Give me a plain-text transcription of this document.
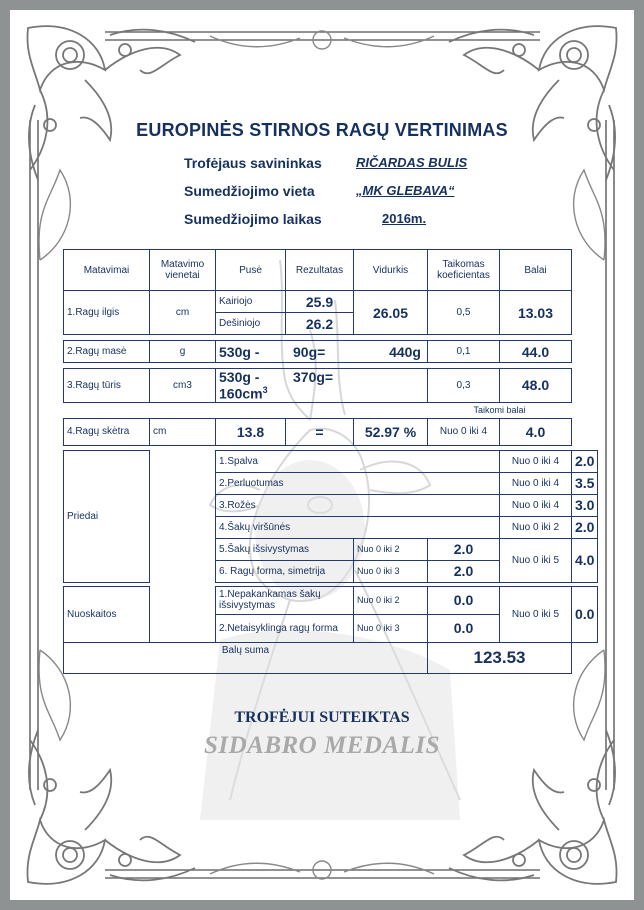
EUROPINĖS STIRNOS RAGŲ VERTINIMAS
Trofėjaus savininkas	RIČARDAS BULIS
Sumedžiojimo vieta	„MK GLEBAVA“
Sumedžiojimo laikas	2016m.
Matavimai	Matavimo vienetai	Pusė	Rezultatas	Vidurkis	Taikomas koeficientas	Balai	
1.Ragų ilgis	cm	Kairiojo	25.9	26.05	0,5	13.03	
		Dešiniojo	26.2				

2.Ragų masė	g	530g - 90g= 440g			0,1	44.0	

3.Ragų tūris	cm3	$530g - 370g=160cm^3$			0,3	48.0	
					Taikomi balai		
4.Ragų skėtra	cm	13.8	=	52.97 %	Nuo 0 iki 4	4.0	

Priedai		1.Spalva				Nuo 0 iki 4	2.0
		2.Perluotumas				Nuo 0 iki 4	3.5
		3.Rožės				Nuo 0 iki 4	3.0
		4.Šakų viršūnės				Nuo 0 iki 2	2.0
		5.Šakų išsivystymas		Nuo 0 iki 2	2.0	Nuo 0 iki 5	4.0
		6. Ragų forma, simetrija		Nuo 0 iki 3	2.0		

Nuoskaitos		1.Nepakankamas šakų išsivystymas		Nuo 0 iki 2	0.0	Nuo 0 iki 5	0.0
		2.Netaisyklinga ragų forma		Nuo 0 iki 3	0.0		
Balų suma					123.53		
TROFĖJUI SUTEIKTAS
SIDABRO MEDALIS
